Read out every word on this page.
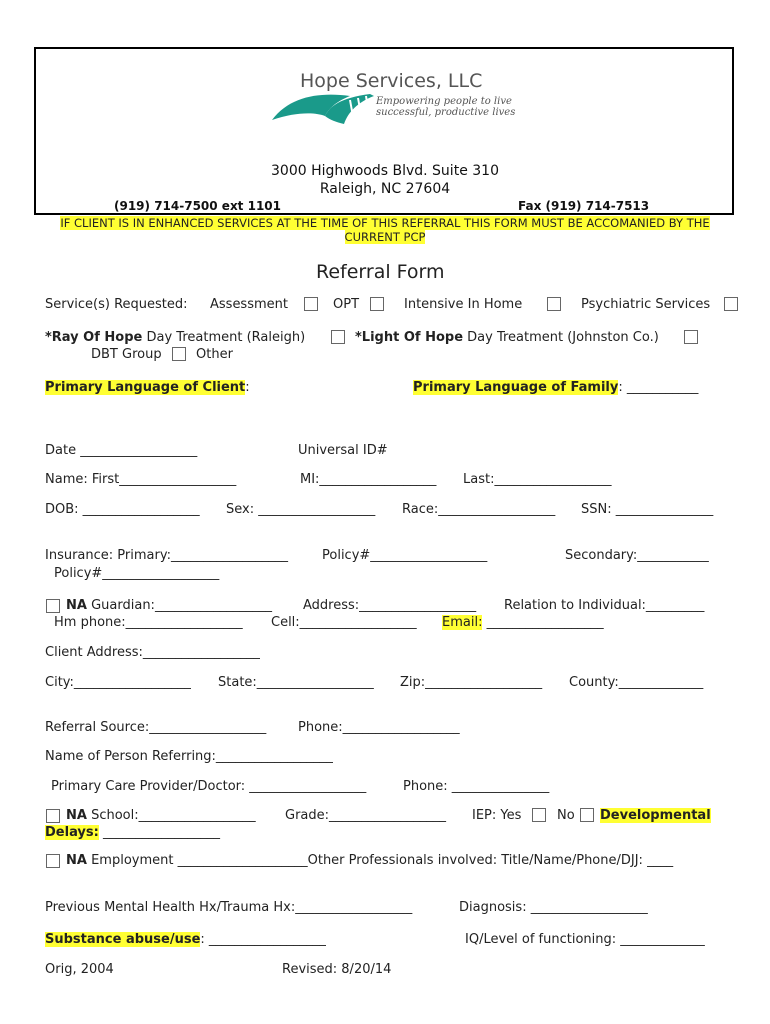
Hope Services, LLC
Empowering people to live
successful, productive lives
3000 Highwoods Blvd. Suite 310
Raleigh, NC 27604
(919) 714-7500 ext 1101	Fax (919) 714-7513
IF CLIENT IS IN ENHANCED SERVICES AT THE TIME OF THIS REFERRAL THIS FORM MUST BE ACCOMANIED BY THE CURRENT PCP
Referral Form
Service(s) Requested: Assessment	OPT	Intensive In Home	Psychiatric Services
*Ray Of Hope Day Treatment (Raleigh)	*Light Of Hope Day Treatment (Johnston Co.)
DBT Group	Other
Primary Language of Client:	Primary Language of Family: ___________
Date __________________	Universal ID#
Name: First__________________	MI:__________________ Last:__________________
DOB: __________________ Sex: __________________ Race:__________________ SSN: _______________
Insurance: Primary:__________________	Policy#__________________	Secondary:___________
Policy#__________________
NA Guardian:__________________ Address:__________________ Relation to Individual:_________
Hm phone:__________________ Cell:__________________ Email: __________________
Client Address:__________________
City:__________________ State:__________________ Zip:__________________ County:_____________
Referral Source:__________________ Phone:__________________
Name of Person Referring:__________________
Primary Care Provider/Doctor: __________________	Phone: _______________
NA School:__________________ Grade:__________________ IEP: Yes	No Developmental
Delays: __________________
NA Employment ____________________Other Professionals involved: Title/Name/Phone/DJJ: ____
Previous Mental Health Hx/Trauma Hx:__________________	Diagnosis: __________________
Substance abuse/use: __________________	IQ/Level of functioning: _____________
Orig, 2004	Revised: 8/20/14
